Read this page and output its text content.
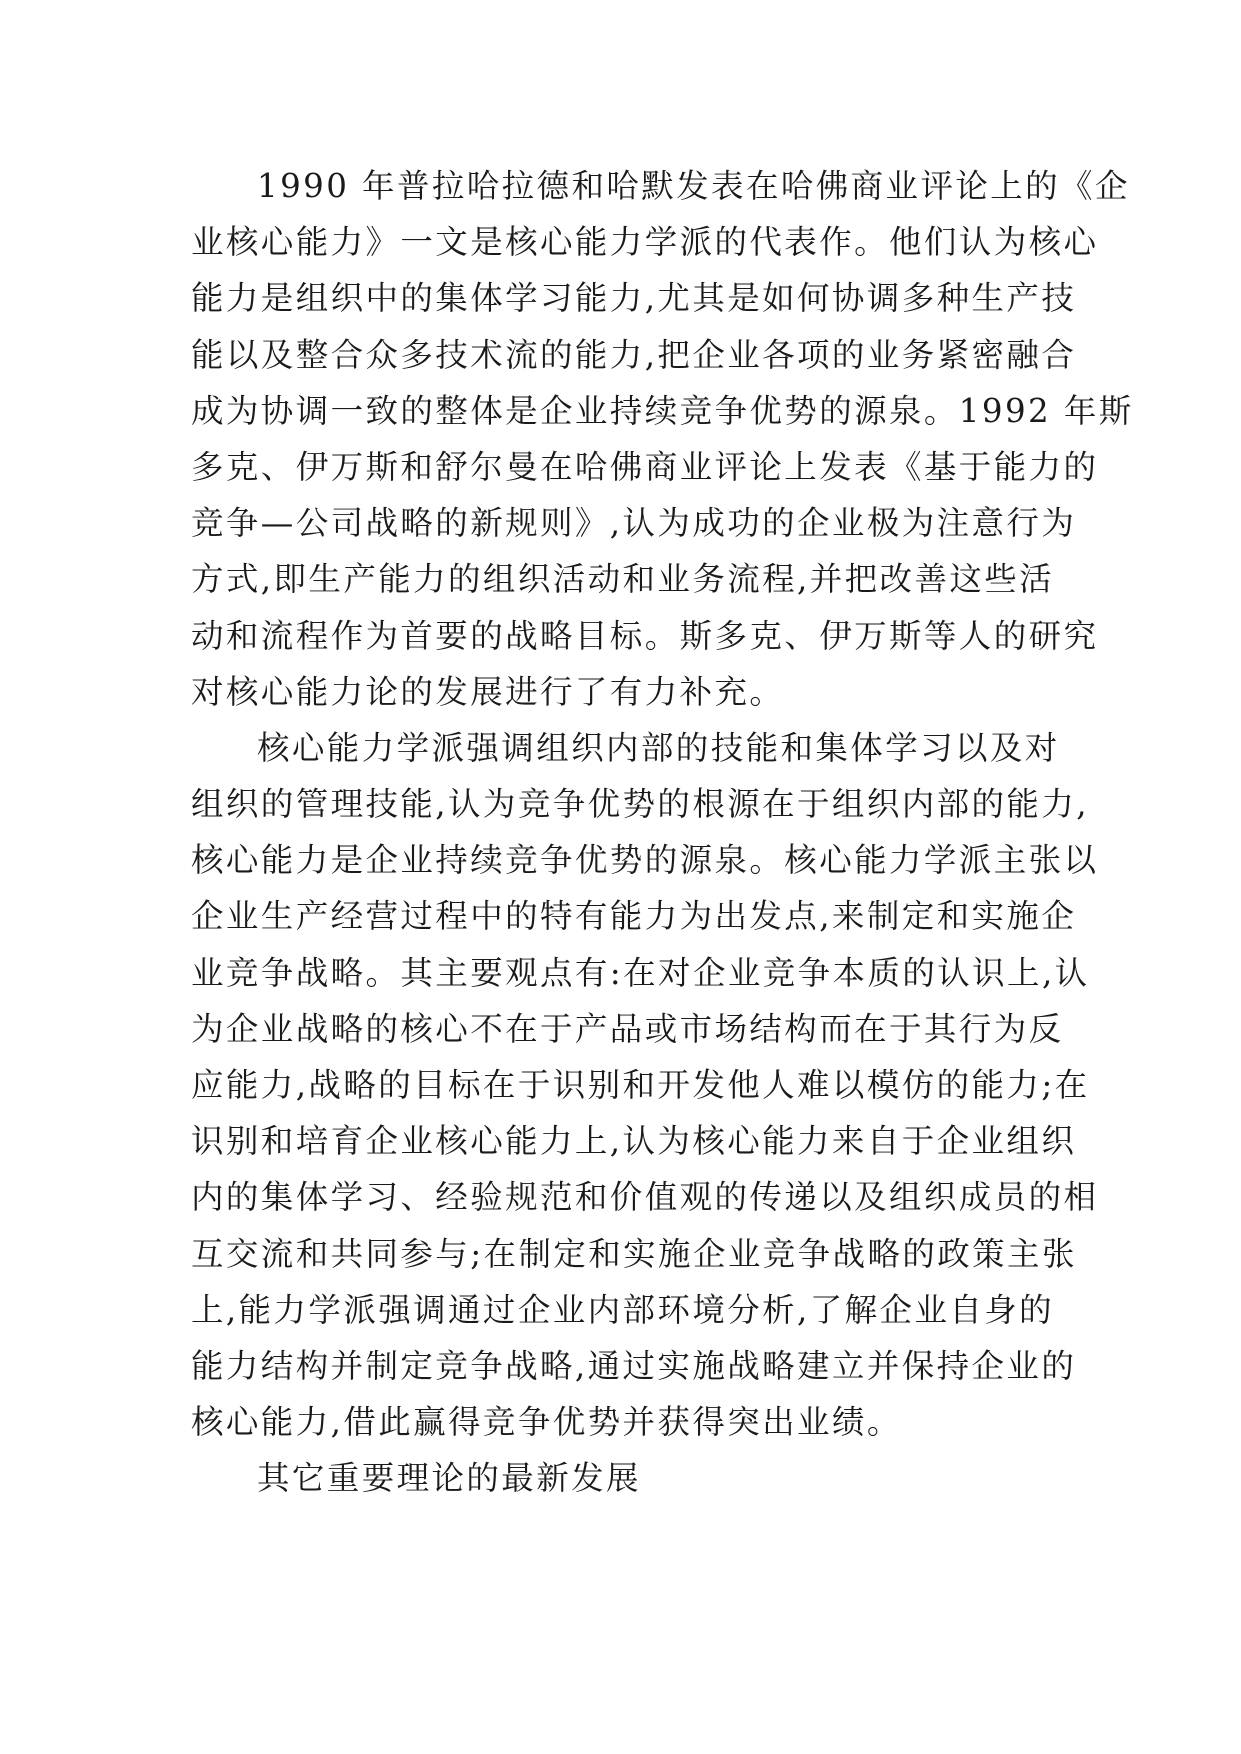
1990 年普拉哈拉德和哈默发表在哈佛商业评论上的《企
业核心能力》一文是核心能力学派的代表作。他们认为核心
能力是组织中的集体学习能力,尤其是如何协调多种生产技
能以及整合众多技术流的能力,把企业各项的业务紧密融合
成为协调一致的整体是企业持续竞争优势的源泉。1992 年斯
多克、伊万斯和舒尔曼在哈佛商业评论上发表《基于能力的
竞争—公司战略的新规则》,认为成功的企业极为注意行为
方式,即生产能力的组织活动和业务流程,并把改善这些活
动和流程作为首要的战略目标。斯多克、伊万斯等人的研究
对核心能力论的发展进行了有力补充。
核心能力学派强调组织内部的技能和集体学习以及对
组织的管理技能,认为竞争优势的根源在于组织内部的能力,
核心能力是企业持续竞争优势的源泉。核心能力学派主张以
企业生产经营过程中的特有能力为出发点,来制定和实施企
业竞争战略。其主要观点有:在对企业竞争本质的认识上,认
为企业战略的核心不在于产品或市场结构而在于其行为反
应能力,战略的目标在于识别和开发他人难以模仿的能力;在
识别和培育企业核心能力上,认为核心能力来自于企业组织
内的集体学习、经验规范和价值观的传递以及组织成员的相
互交流和共同参与;在制定和实施企业竞争战略的政策主张
上,能力学派强调通过企业内部环境分析,了解企业自身的
能力结构并制定竞争战略,通过实施战略建立并保持企业的
核心能力,借此赢得竞争优势并获得突出业绩。
其它重要理论的最新发展
